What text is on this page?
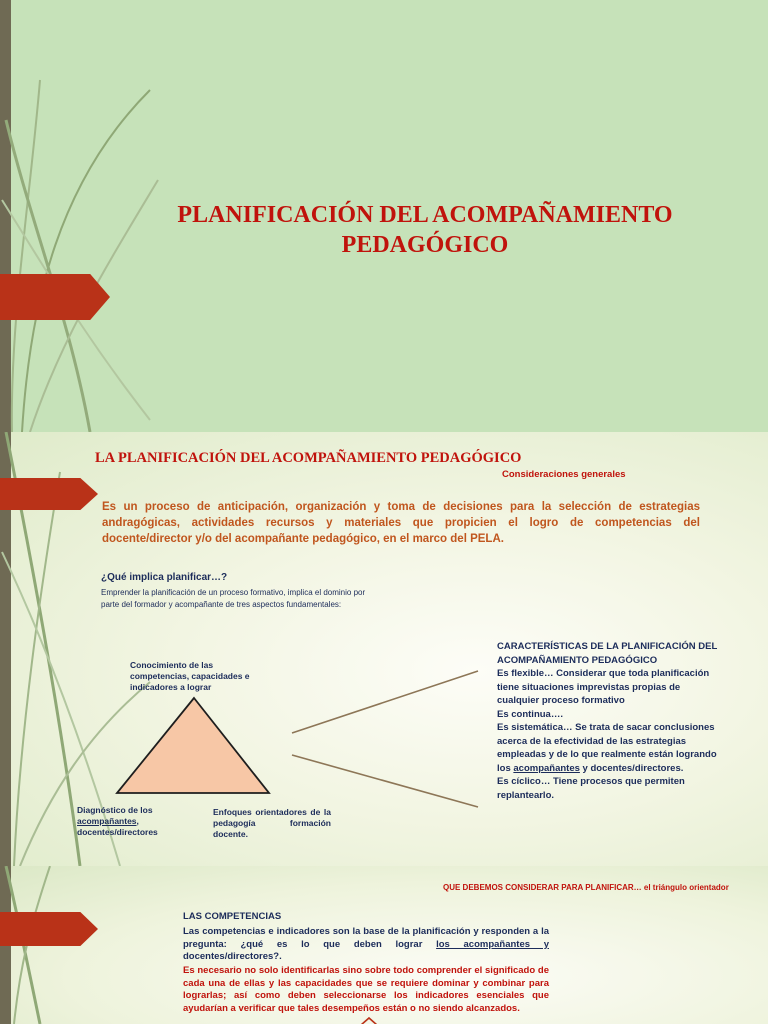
PLANIFICACIÓN DEL ACOMPAÑAMIENTO

PEDAGÓGICO

LA PLANIFICACIÓN DEL ACOMPAÑAMIENTO PEDAGÓGICO
Consideraciones generales
Es un proceso de anticipación, organización y toma de decisiones para la selección de estrategias andragógicas, actividades recursos y materiales que propicien el logro de competencias del docente/director y/o del acompañante pedagógico, en el marco del PELA.
¿Qué implica planificar…?
Emprender la planificación de un proceso formativo, implica el dominio por parte del formador y acompañante de tres aspectos fundamentales:
Conocimiento de las competencias, capacidades e indicadores a lograr
Diagnóstico de los acompañantes, docentes/directores
Enfoques orientadores de la pedagogía formación docente.

CARACTERÍSTICAS DE LA PLANIFICACIÓN DEL ACOMPAÑAMIENTO PEDAGÓGICO

Es flexible… Considerar que toda planificación tiene situaciones imprevistas propias de cualquier proceso formativo

Es continua….

Es sistemática… Se trata de sacar conclusiones acerca de la efectividad de las estrategias empleadas y de lo que realmente están logrando los acompañantes y docentes/directores.

Es cíclico… Tiene procesos que permiten replantearlo.

QUE DEBEMOS CONSIDERAR PARA PLANIFICAR… el triángulo orientador
LAS COMPETENCIAS
Las competencias e indicadores son la base de la planificación y responden a la pregunta: ¿qué es lo que deben lograr los acompañantes y docentes/directores?.
Es necesario no solo identificarlas sino sobre todo comprender el significado de cada una de ellas y las capacidades que se requiere dominar y combinar para lograrlas; así como deben seleccionarse los indicadores esenciales que ayudarían a verificar que tales desempeños están o no siendo alcanzados.
